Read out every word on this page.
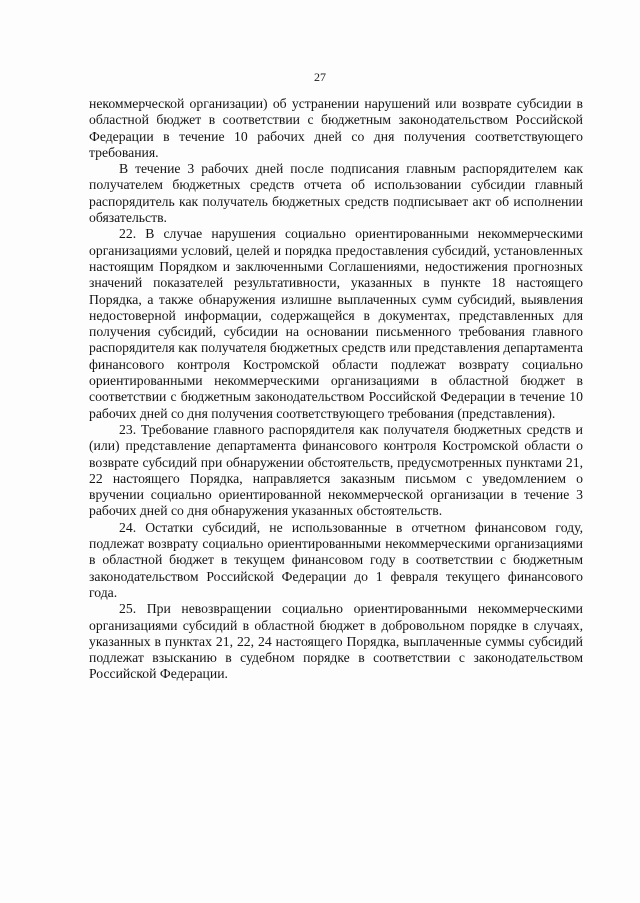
27

некоммерческой организации) об устранении нарушений или возврате субсидии в областной бюджет в соответствии с бюджетным законодательством Российской Федерации в течение 10 рабочих дней со дня получения соответствующего требования.

В течение 3 рабочих дней после подписания главным распорядителем как получателем бюджетных средств отчета об использовании субсидии главный распорядитель как получатель бюджетных средств подписывает акт об исполнении обязательств.

22. В случае нарушения социально ориентированными некоммерческими организациями условий, целей и порядка предоставления субсидий, установленных настоящим Порядком и заключенными Соглашениями, недостижения прогнозных значений показателей результативности, указанных в пункте 18 настоящего Порядка, а также обнаружения излишне выплаченных сумм субсидий, выявления недостоверной информации, содержащейся в документах, представленных для получения субсидий, субсидии на основании письменного требования главного распорядителя как получателя бюджетных средств или представления департамента финансового контроля Костромской области подлежат возврату социально ориентированными некоммерческими организациями в областной бюджет в соответствии с бюджетным законодательством Российской Федерации в течение 10 рабочих дней со дня получения соответствующего требования (представления).

23. Требование главного распорядителя как получателя бюджетных средств и (или) представление департамента финансового контроля Костромской области о возврате субсидий при обнаружении обстоятельств, предусмотренных пунктами 21, 22 настоящего Порядка, направляется заказным письмом с уведомлением о вручении социально ориентированной некоммерческой организации в течение 3 рабочих дней со дня обнаружения указанных обстоятельств.

24. Остатки субсидий, не использованные в отчетном финансовом году, подлежат возврату социально ориентированными некоммерческими организациями в областной бюджет в текущем финансовом году в соответствии с бюджетным законодательством Российской Федерации до 1 февраля текущего финансового года.

25. При невозвращении социально ориентированными некоммерческими организациями субсидий в областной бюджет в добровольном порядке в случаях, указанных в пунктах 21, 22, 24 настоящего Порядка, выплаченные суммы субсидий подлежат взысканию в судебном порядке в соответствии с законодательством Российской Федерации.
